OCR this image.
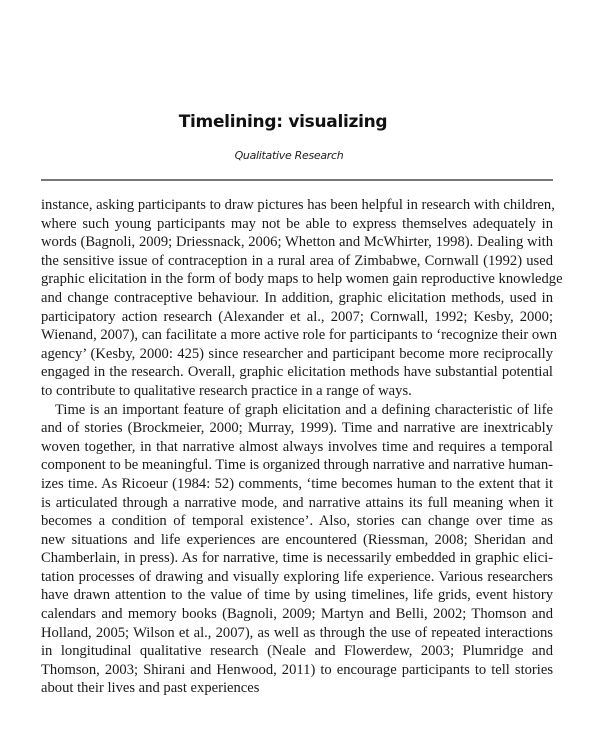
Timelining: visualizing
Qualitative Research
instance, asking participants to draw pictures has been helpful in research with children,
where such young participants may not be able to express themselves adequately in
words (Bagnoli, 2009; Driessnack, 2006; Whetton and McWhirter, 1998). Dealing with
the sensitive issue of contraception in a rural area of Zimbabwe, Cornwall (1992) used
graphic elicitation in the form of body maps to help women gain reproductive knowledge
and change contraceptive behaviour. In addition, graphic elicitation methods, used in
participatory action research (Alexander et al., 2007; Cornwall, 1992; Kesby, 2000;
Wienand, 2007), can facilitate a more active role for participants to ‘recognize their own
agency’ (Kesby, 2000: 425) since researcher and participant become more reciprocally
engaged in the research. Overall, graphic elicitation methods have substantial potential
to contribute to qualitative research practice in a range of ways.
Time is an important feature of graph elicitation and a defining characteristic of life
and of stories (Brockmeier, 2000; Murray, 1999). Time and narrative are inextricably
woven together, in that narrative almost always involves time and requires a temporal
component to be meaningful. Time is organized through narrative and narrative human-
izes time. As Ricoeur (1984: 52) comments, ‘time becomes human to the extent that it
is articulated through a narrative mode, and narrative attains its full meaning when it
becomes a condition of temporal existence’. Also, stories can change over time as
new situations and life experiences are encountered (Riessman, 2008; Sheridan and
Chamberlain, in press). As for narrative, time is necessarily embedded in graphic elici-
tation processes of drawing and visually exploring life experience. Various researchers
have drawn attention to the value of time by using timelines, life grids, event history
calendars and memory books (Bagnoli, 2009; Martyn and Belli, 2002; Thomson and
Holland, 2005; Wilson et al., 2007), as well as through the use of repeated interactions
in longitudinal qualitative research (Neale and Flowerdew, 2003; Plumridge and
Thomson, 2003; Shirani and Henwood, 2011) to encourage participants to tell stories
about their lives and past experiences
